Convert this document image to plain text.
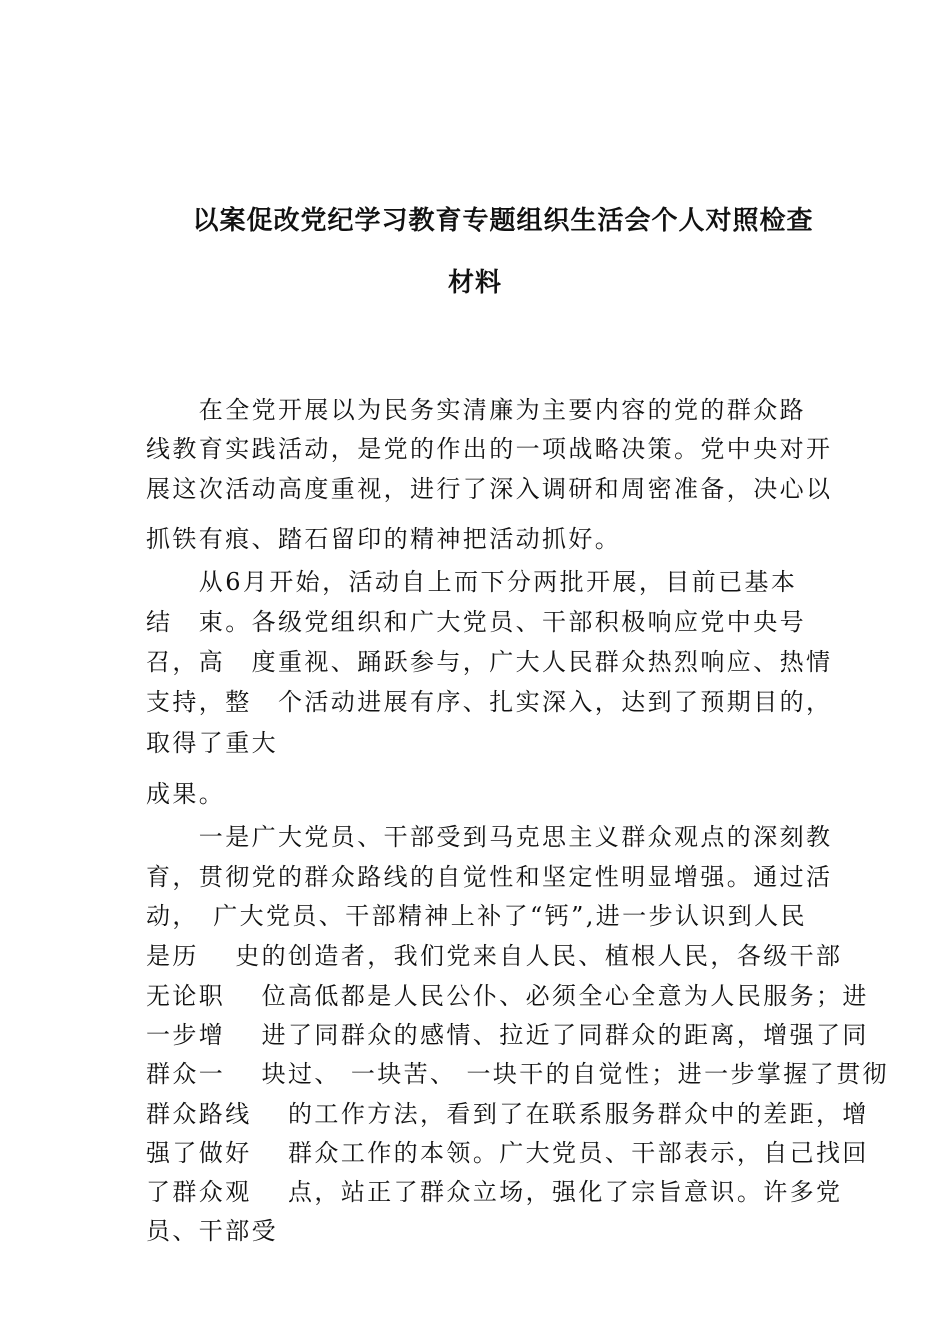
以案促改党纪学习教育专题组织生活会个人对照检查
材料
　　在全党开展以为民务实清廉为主要内容的党的群众路
线教育实践活动，是党的作出的一项战略决策。党中央对开
展这次活动高度重视，进行了深入调研和周密准备，决心以
抓铁有痕、踏石留印的精神把活动抓好。
　　从6月开始，活动自上而下分两批开展，目前已基本
结　束。各级党组织和广大党员、干部积极响应党中央号
召，高　度重视、踊跃参与，广大人民群众热烈响应、热情
支持，整　个活动进展有序、扎实深入，达到了预期目的，
取得了重大
成果。
　　一是广大党员、干部受到马克思主义群众观点的深刻教
育，贯彻党的群众路线的自觉性和坚定性明显增强。通过活
动，　广大党员、干部精神上补了“钙”,进一步认识到人民
是历　 史的创造者，我们党来自人民、植根人民，各级干部
无论职　 位高低都是人民公仆、必须全心全意为人民服务；进
一步增　 进了同群众的感情、拉近了同群众的距离，增强了同
群众一　 块过、 一块苦、 一块干的自觉性；进一步掌握了贯彻
群众路线　 的工作方法，看到了在联系服务群众中的差距，增
强了做好　 群众工作的本领。广大党员、干部表示，自己找回
了群众观　 点，站正了群众立场，强化了宗旨意识。许多党
员、干部受
